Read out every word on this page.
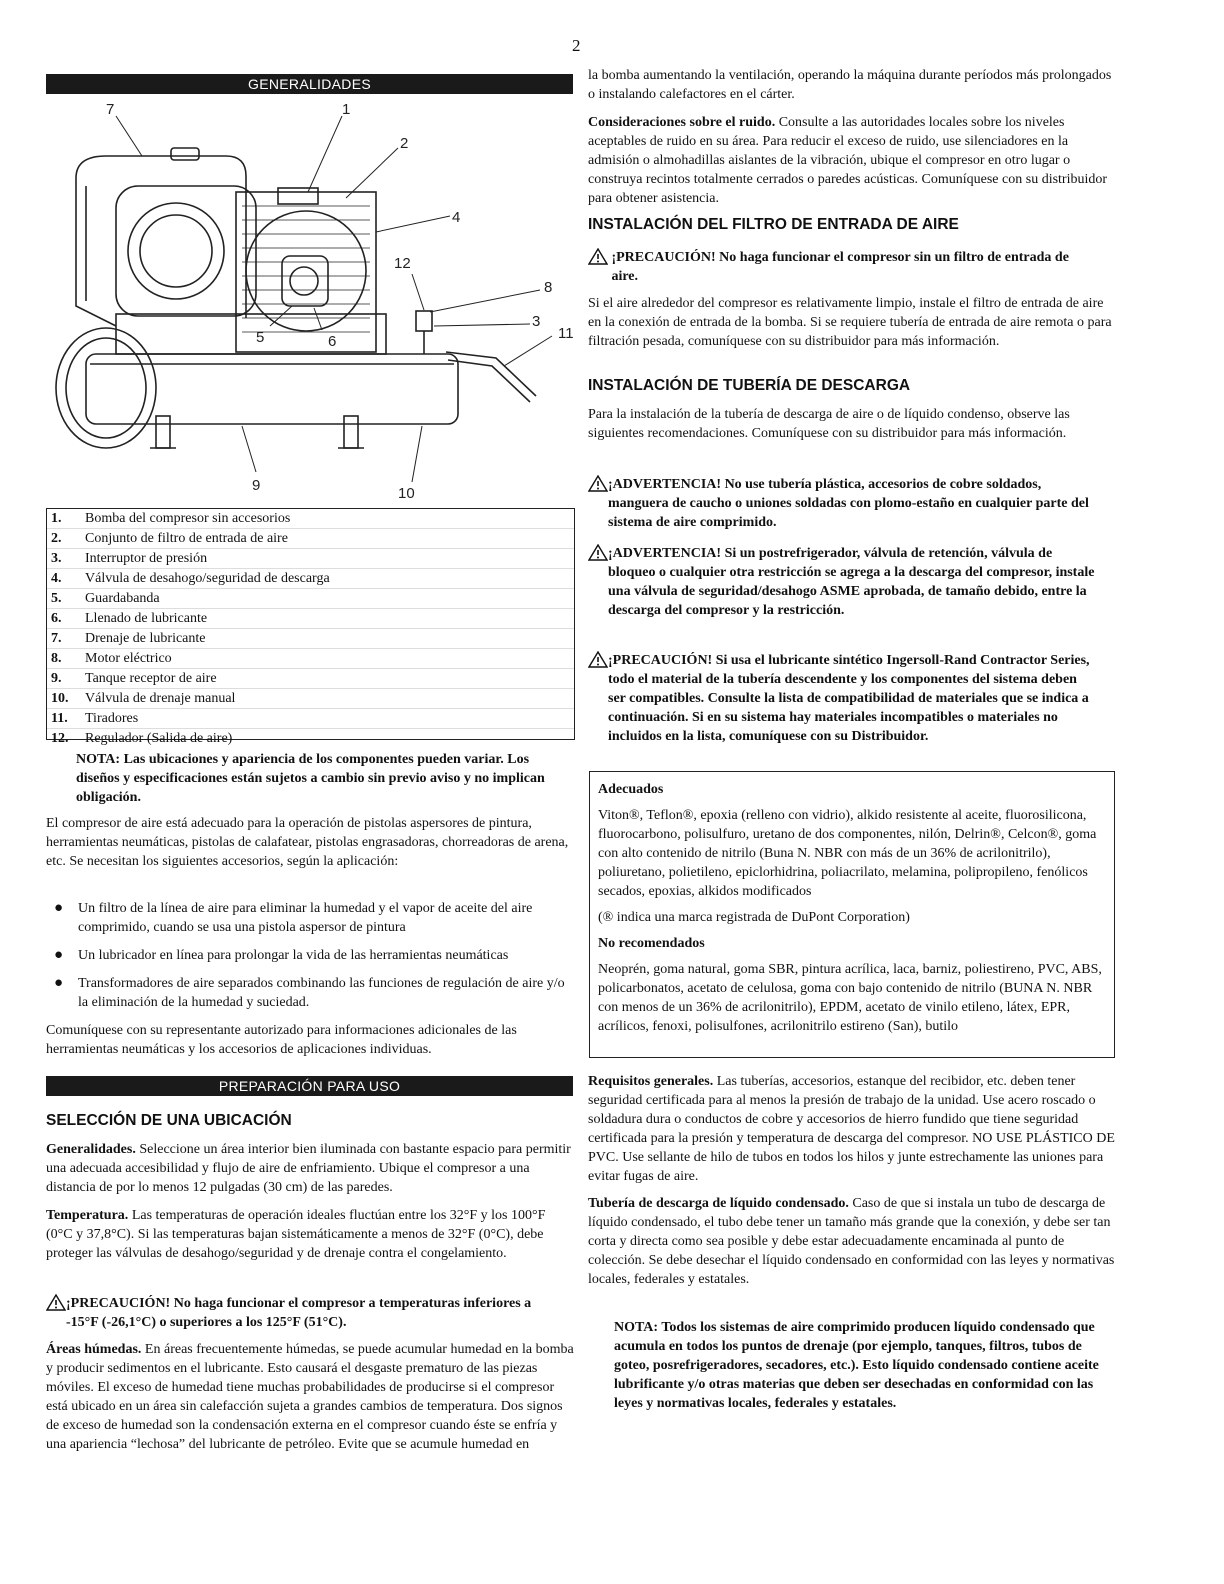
2
GENERALIDADES
7	1
2
4
12
8
3
11
5	6
9	10
1.	Bomba del compresor sin accesorios
2.	Conjunto de filtro de entrada de aire
3.	Interruptor de presión
4.	Válvula de desahogo/seguridad de descarga
5.	Guardabanda
6.	Llenado de lubricante
7.	Drenaje de lubricante
8.	Motor eléctrico
9.	Tanque receptor de aire
10.	Válvula de drenaje manual
11.	Tiradores
12.	Regulador (Salida de aire)

NOTA: Las ubicaciones y apariencia de los componentes pueden variar. Los diseños y especificaciones están sujetos a cambio sin previo aviso y no implican obligación.

El compresor de aire está adecuado para la operación de pistolas aspersores de pintura, herramientas neumáticas, pistolas de calafatear, pistolas engrasadoras, chorreadoras de arena, etc. Se necesitan los siguientes accesorios, según la aplicación:

● Un filtro de la línea de aire para eliminar la humedad y el vapor de aceite del aire comprimido, cuando se usa una pistola aspersor de pintura
● Un lubricador en línea para prolongar la vida de las herramientas neumáticas
● Transformadores de aire separados combinando las funciones de regulación de aire y/o la eliminación de la humedad y suciedad.

Comuníquese con su representante autorizado para informaciones adicionales de las herramientas neumáticas y los accesorios de aplicaciones individuas.

PREPARACIÓN PARA USO
SELECCIÓN DE UNA UBICACIÓN

Generalidades. Seleccione un área interior bien iluminada con bastante espacio para permitir una adecuada accesibilidad y flujo de aire de enfriamiento. Ubique el compresor a una distancia de por lo menos 12 pulgadas (30 cm) de las paredes.

Temperatura. Las temperaturas de operación ideales fluctúan entre los 32°F y los 100°F (0°C y 37,8°C). Si las temperaturas bajan sistemáticamente a menos de 32°F (0°C), debe proteger las válvulas de desahogo/seguridad y de drenaje contra el congelamiento.

¡PRECAUCIÓN! No haga funcionar el compresor a temperaturas inferiores a -15°F (-26,1°C) o superiores a los 125°F (51°C).

Áreas húmedas. En áreas frecuentemente húmedas, se puede acumular humedad en la bomba y producir sedimentos en el lubricante. Esto causará el desgaste prematuro de las piezas móviles. El exceso de humedad tiene muchas probabilidades de producirse si el compresor está ubicado en un área sin calefacción sujeta a grandes cambios de temperatura. Dos signos de exceso de humedad son la condensación externa en el compresor cuando éste se enfría y una apariencia “lechosa” del lubricante de petróleo. Evite que se acumule humedad en

la bomba aumentando la ventilación, operando la máquina durante períodos más prolongados o instalando calefactores en el cárter.

Consideraciones sobre el ruido. Consulte a las autoridades locales sobre los niveles aceptables de ruido en su área. Para reducir el exceso de ruido, use silenciadores en la admisión o almohadillas aislantes de la vibración, ubique el compresor en otro lugar o construya recintos totalmente cerrados o paredes acústicas. Comuníquese con su distribuidor para obtener asistencia.

INSTALACIÓN DEL FILTRO DE ENTRADA DE AIRE
¡PRECAUCIÓN! No haga funcionar el compresor sin un filtro de entrada de aire.

Si el aire alrededor del compresor es relativamente limpio, instale el filtro de entrada de aire en la conexión de entrada de la bomba. Si se requiere tubería de entrada de aire remota o para filtración pesada, comuníquese con su distribuidor para más información.

INSTALACIÓN DE TUBERÍA DE DESCARGA

Para la instalación de la tubería de descarga de aire o de líquido condenso, observe las siguientes recomendaciones. Comuníquese con su distribuidor para más información.

¡ADVERTENCIA! No use tubería plástica, accesorios de cobre soldados, manguera de caucho o uniones soldadas con plomo-estaño en cualquier parte del sistema de aire comprimido.
¡ADVERTENCIA! Si un postrefrigerador, válvula de retención, válvula de bloqueo o cualquier otra restricción se agrega a la descarga del compresor, instale una válvula de seguridad/desahogo ASME aprobada, de tamaño debido, entre la descarga del compresor y la restricción.
¡PRECAUCIÓN! Si usa el lubricante sintético Ingersoll-Rand Contractor Series, todo el material de la tubería descendente y los componentes del sistema deben ser compatibles. Consulte la lista de compatibilidad de materiales que se indica a continuación. Si en su sistema hay materiales incompatibles o materiales no incluidos en la lista, comuníquese con su Distribuidor.

Adecuados

Viton®, Teflon®, epoxia (relleno con vidrio), alkido resistente al aceite, fluorosilicona, fluorocarbono, polisulfuro, uretano de dos componentes, nilón, Delrin®, Celcon®, goma con alto contenido de nitrilo (Buna N. NBR con más de un 36% de acrilonitrilo), poliuretano, polietileno, epiclorhidrina, poliacrilato, melamina, polipropileno, fenólicos secados, epoxias, alkidos modificados

(® indica una marca registrada de DuPont Corporation)

No recomendados

Neoprén, goma natural, goma SBR, pintura acrílica, laca, barniz, poliestireno, PVC, ABS, policarbonatos, acetato de celulosa, goma con bajo contenido de nitrilo (BUNA N. NBR con menos de un 36% de acrilonitrilo), EPDM, acetato de vinilo etileno, látex, EPR, acrílicos, fenoxi, polisulfones, acrilonitrilo estireno (San), butilo

Requisitos generales. Las tuberías, accesorios, estanque del recibidor, etc. deben tener seguridad certificada para al menos la presión de trabajo de la unidad. Use acero roscado o soldadura dura o conductos de cobre y accesorios de hierro fundido que tiene seguridad certificada para la presión y temperatura de descarga del compresor. NO USE PLÁSTICO DE PVC. Use sellante de hilo de tubos en todos los hilos y junte estrechamente las uniones para evitar fugas de aire.

Tubería de descarga de líquido condensado. Caso de que si instala un tubo de descarga de líquido condensado, el tubo debe tener un tamaño más grande que la conexión, y debe ser tan corta y directa como sea posible y debe estar adecuadamente encaminada al punto de colección. Se debe desechar el líquido condensado en conformidad con las leyes y normativas locales, federales y estatales.

NOTA: Todos los sistemas de aire comprimido producen líquido condensado que acumula en todos los puntos de drenaje (por ejemplo, tanques, filtros, tubos de goteo, posrefrigeradores, secadores, etc.). Esto líquido condensado contiene aceite lubrificante y/o otras materias que deben ser desechadas en conformidad con las leyes y normativas locales, federales y estatales.
